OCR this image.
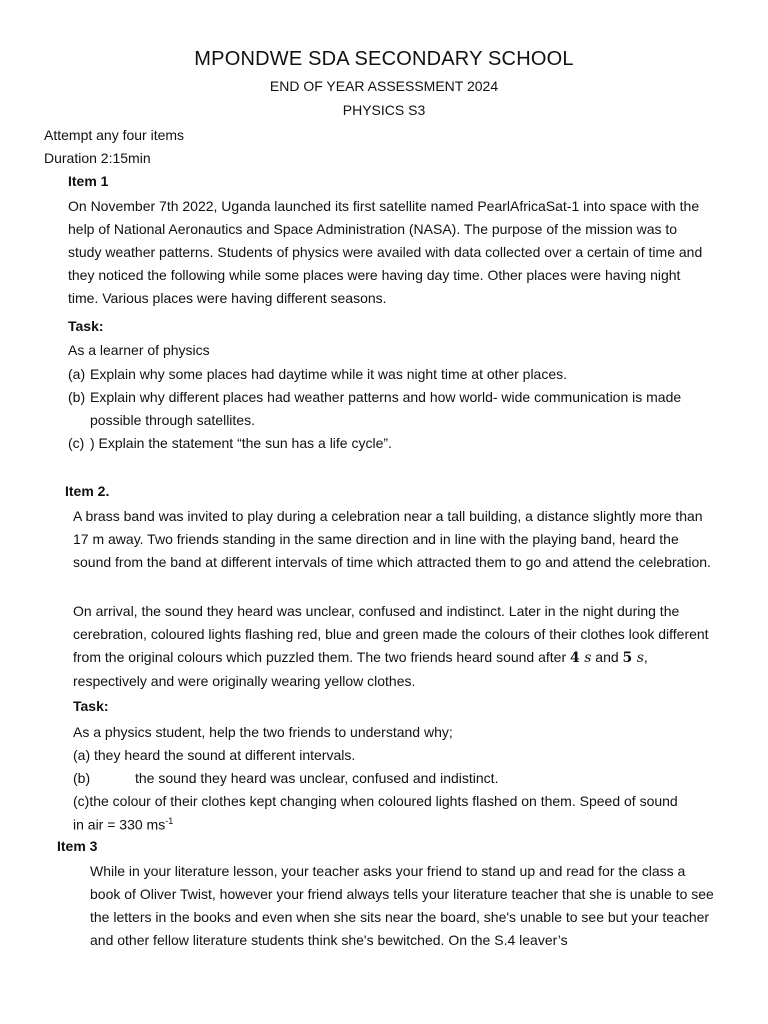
MPONDWE SDA SECONDARY SCHOOL
END OF YEAR ASSESSMENT 2024
PHYSICS S3
Attempt any four items
Duration 2:15min
Item 1
On November 7th 2022, Uganda launched its first satellite named PearlAfricaSat-1 into space with the help of National Aeronautics and Space Administration (NASA). The purpose of the mission was to study weather patterns. Students of physics were availed with data collected over a certain of time and they noticed the following while some places were having day time. Other places were having night time. Various places were having different seasons.
Task:
As a learner of physics
(a) Explain why some places had daytime while it was night time at other places.
(b) Explain why different places had weather patterns and how world- wide communication is made possible through satellites.
(c) ) Explain the statement “the sun has a life cycle”.
Item 2.
A brass band was invited to play during a celebration near a tall building, a distance slightly more than 17 m away. Two friends standing in the same direction and in line with the playing band, heard the sound from the band at different intervals of time which attracted them to go and attend the celebration.
On arrival, the sound they heard was unclear, confused and indistinct. Later in the night during the cerebration, coloured lights flashing red, blue and green made the colours of their clothes look different from the original colours which puzzled them. The two friends heard sound after 4 s and 5 s, respectively and were originally wearing yellow clothes.
Task:
As a physics student, help the two friends to understand why;
(a) they heard the sound at different intervals.
(b)	the sound they heard was unclear, confused and indistinct.
(c)the colour of their clothes kept changing when coloured lights flashed on them. Speed of sound
in air = 330 $ms^{-1}$
Item 3
While in your literature lesson, your teacher asks your friend to stand up and read for the class a book of Oliver Twist, however your friend always tells your literature teacher that she is unable to see the letters in the books and even when she sits near the board, she's unable to see but your teacher and other fellow literature students think she's bewitched. On the S.4 leaver’s
